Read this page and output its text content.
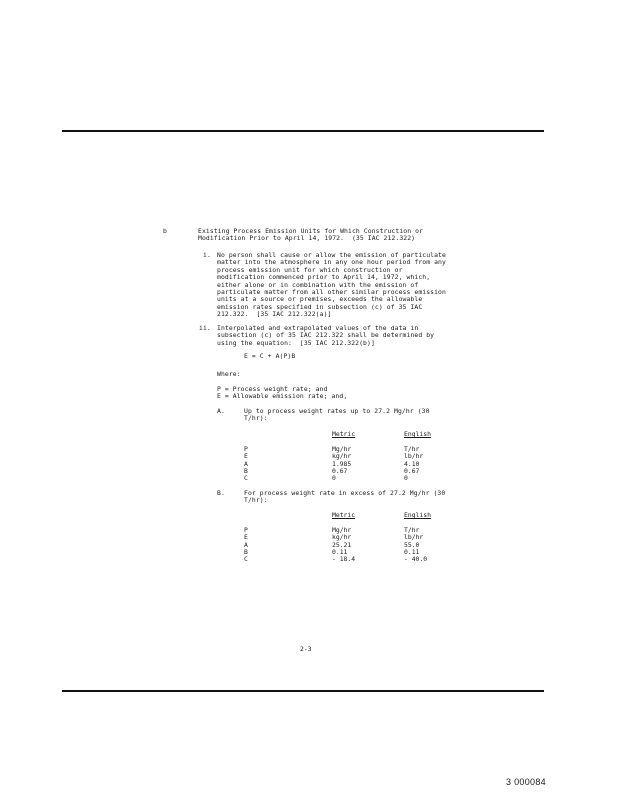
b	Existing Process Emission Units for Which Construction or
Modification Prior to April 14, 1972.  (35 IAC 212.322)
i. No person shall cause or allow the emission of particulate
matter into the atmosphere in any one hour period from any
process emission unit for which construction or
modification commenced prior to April 14, 1972, which,
either alone or in combination with the emission of
particulate matter from all other similar process emission
units at a source or premises, exceeds the allowable
emission rates specified in subsection (c) of 35 IAC
212.322.  [35 IAC 212.322(a)]
ii. Interpolated and extrapolated values of the data in
subsection (c) of 35 IAC 212.322 shall be determined by
using the equation:  [35 IAC 212.322(b)]
E = C + A(P)B
Where:
P = Process weight rate; and
E = Allowable emission rate; and,
A.	Up to process weight rates up to 27.2 Mg/hr (30
T/hr):
	Metric	English

P	Mg/hr	T/hr
E	kg/hr	lb/hr
A	1.985	4.10
B	0.67	0.67
C	0	0
B.	For process weight rate in excess of 27.2 Mg/hr (30
T/hr):
	Metric	English

P	Mg/hr	T/hr
E	kg/hr	lb/hr
A	25.21	55.0
B	0.11	0.11
C	- 18.4	- 40.0
2-3
3 000084
